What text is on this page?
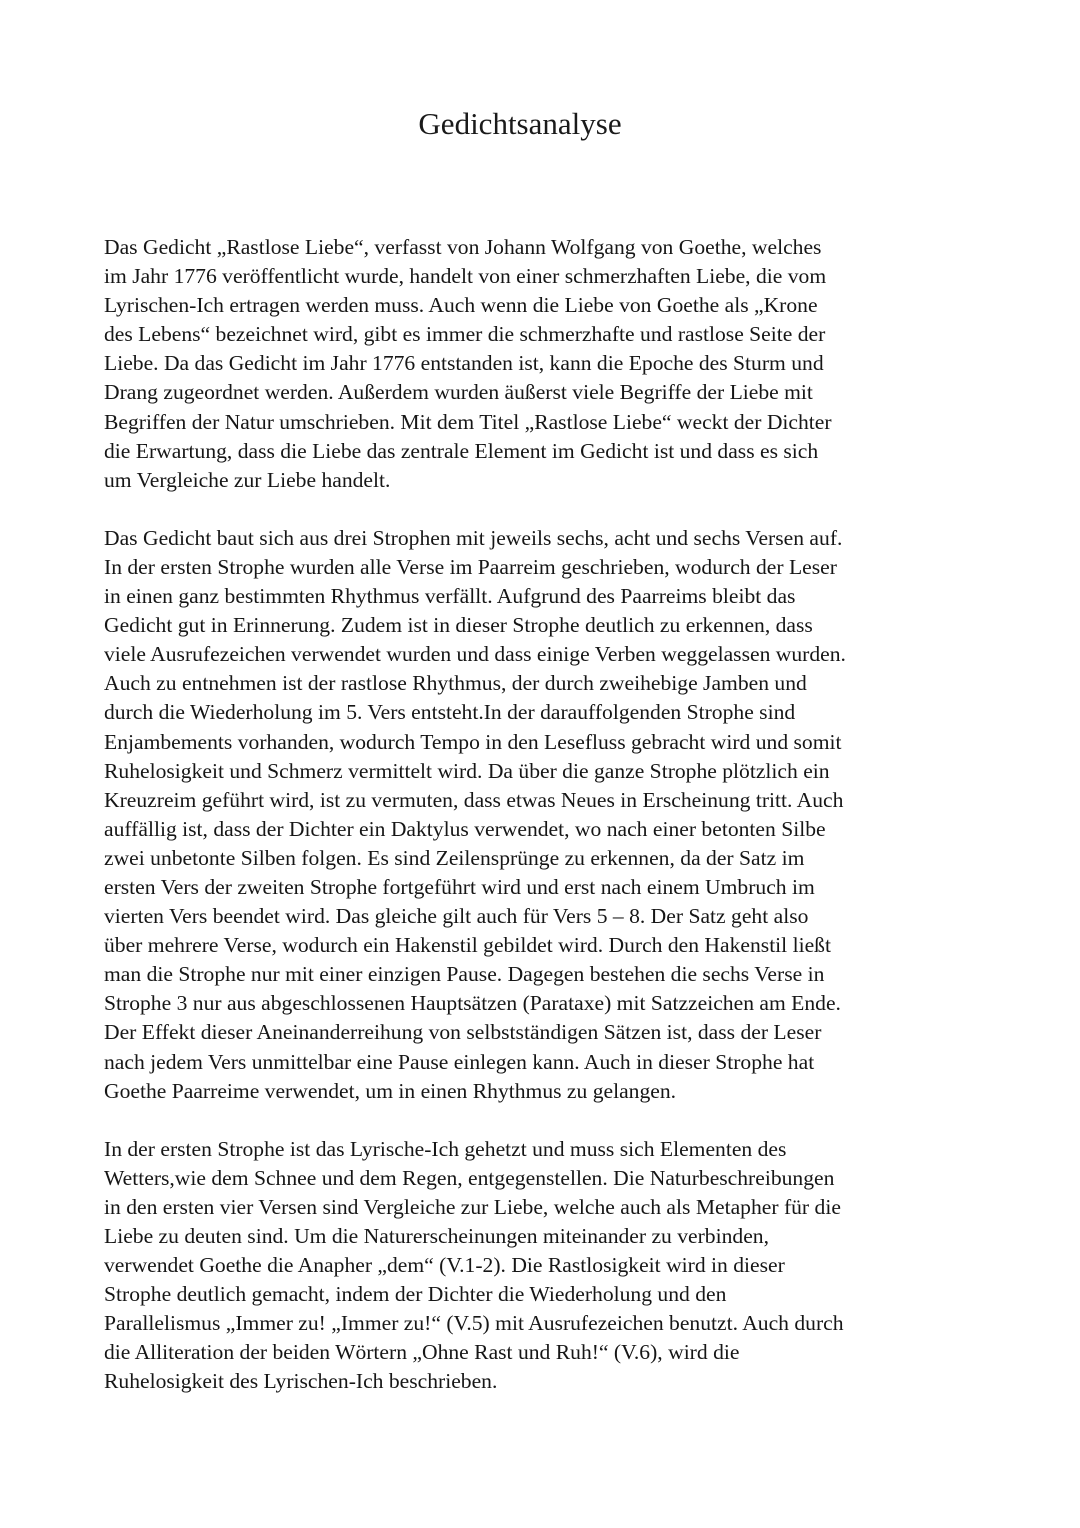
Gedichtsanalyse

Das Gedicht „Rastlose Liebe“, verfasst von Johann Wolfgang von Goethe, welches
im Jahr 1776 veröffentlicht wurde, handelt von einer schmerzhaften Liebe, die vom
Lyrischen-Ich ertragen werden muss. Auch wenn die Liebe von Goethe als „Krone
des Lebens“ bezeichnet wird, gibt es immer die schmerzhafte und rastlose Seite der
Liebe. Da das Gedicht im Jahr 1776 entstanden ist, kann die Epoche des Sturm und
Drang zugeordnet werden. Außerdem wurden äußerst viele Begriffe der Liebe mit
Begriffen der Natur umschrieben. Mit dem Titel „Rastlose Liebe“ weckt der Dichter
die Erwartung, dass die Liebe das zentrale Element im Gedicht ist und dass es sich
um Vergleiche zur Liebe handelt.

Das Gedicht baut sich aus drei Strophen mit jeweils sechs, acht und sechs Versen auf.
In der ersten Strophe wurden alle Verse im Paarreim geschrieben, wodurch der Leser
in einen ganz bestimmten Rhythmus verfällt. Aufgrund des Paarreims bleibt das
Gedicht gut in Erinnerung. Zudem ist in dieser Strophe deutlich zu erkennen, dass
viele Ausrufezeichen verwendet wurden und dass einige Verben weggelassen wurden.
Auch zu entnehmen ist der rastlose Rhythmus, der durch zweihebige Jamben und
durch die Wiederholung im 5. Vers entsteht.In der darauffolgenden Strophe sind
Enjambements vorhanden, wodurch Tempo in den Lesefluss gebracht wird und somit
Ruhelosigkeit und Schmerz vermittelt wird. Da über die ganze Strophe plötzlich ein
Kreuzreim geführt wird, ist zu vermuten, dass etwas Neues in Erscheinung tritt. Auch
auffällig ist, dass der Dichter ein Daktylus verwendet, wo nach einer betonten Silbe
zwei unbetonte Silben folgen. Es sind Zeilensprünge zu erkennen, da der Satz im
ersten Vers der zweiten Strophe fortgeführt wird und erst nach einem Umbruch im
vierten Vers beendet wird. Das gleiche gilt auch für Vers 5 – 8. Der Satz geht also
über mehrere Verse, wodurch ein Hakenstil gebildet wird. Durch den Hakenstil ließt
man die Strophe nur mit einer einzigen Pause. Dagegen bestehen die sechs Verse in
Strophe 3 nur aus abgeschlossenen Hauptsätzen (Parataxe) mit Satzzeichen am Ende.
Der Effekt dieser Aneinanderreihung von selbstständigen Sätzen ist, dass der Leser
nach jedem Vers unmittelbar eine Pause einlegen kann. Auch in dieser Strophe hat
Goethe Paarreime verwendet, um in einen Rhythmus zu gelangen.

In der ersten Strophe ist das Lyrische-Ich gehetzt und muss sich Elementen des
Wetters,wie dem Schnee und dem Regen, entgegenstellen. Die Naturbeschreibungen
in den ersten vier Versen sind Vergleiche zur Liebe, welche auch als Metapher für die
Liebe zu deuten sind. Um die Naturerscheinungen miteinander zu verbinden,
verwendet Goethe die Anapher „dem“ (V.1-2). Die Rastlosigkeit wird in dieser
Strophe deutlich gemacht, indem der Dichter die Wiederholung und den
Parallelismus „Immer zu! „Immer zu!“ (V.5) mit Ausrufezeichen benutzt. Auch durch
die Alliteration der beiden Wörtern „Ohne Rast und Ruh!“ (V.6), wird die
Ruhelosigkeit des Lyrischen-Ich beschrieben.
